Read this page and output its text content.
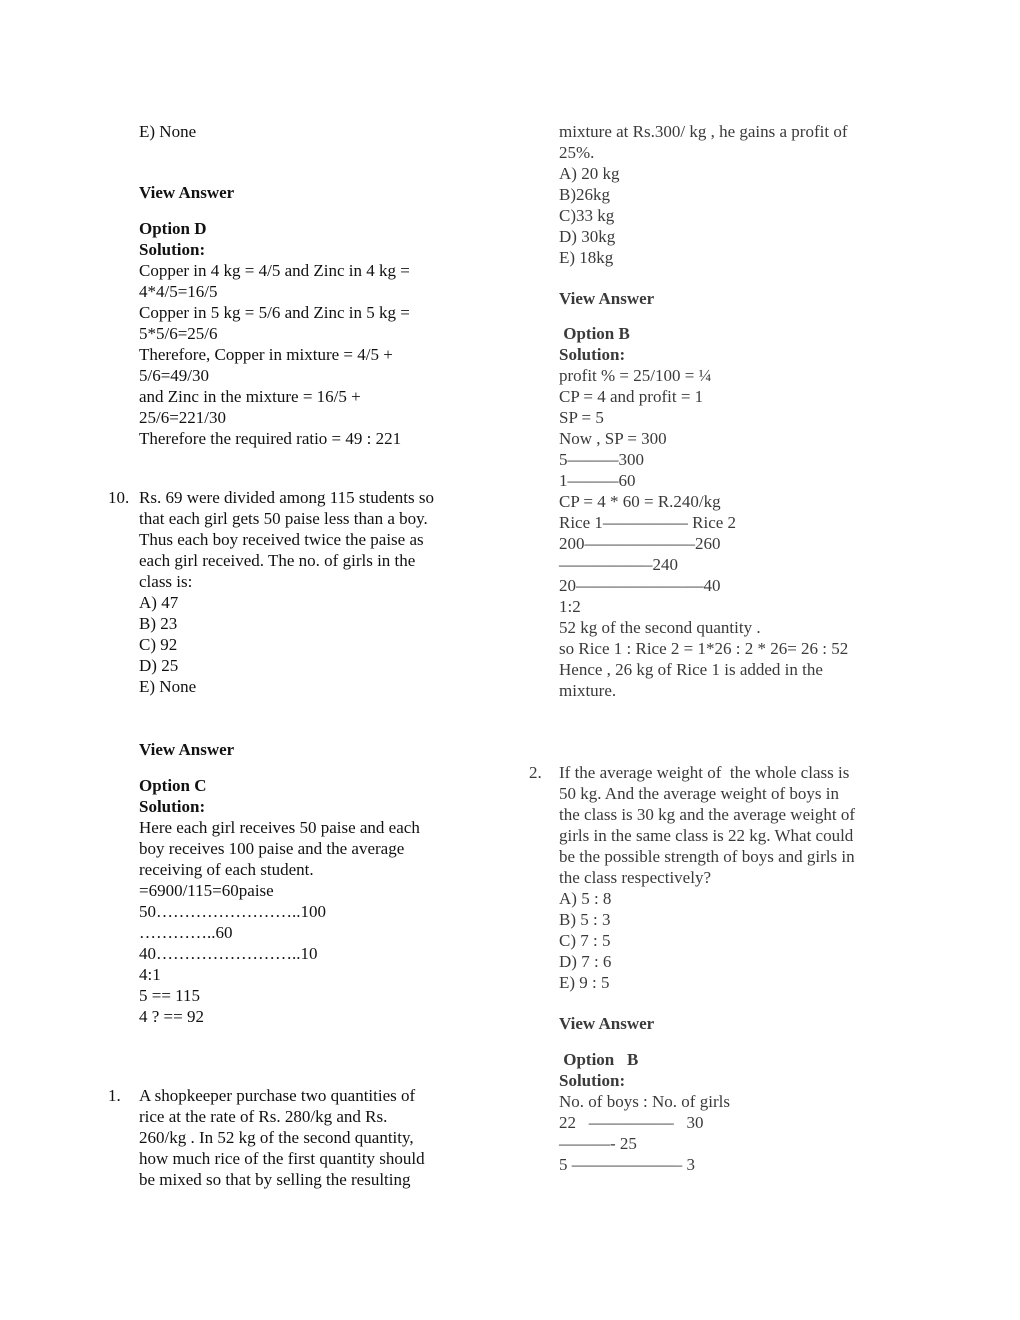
E) None
View Answer
Option D
Solution:
Copper in 4 kg = 4/5 and Zinc in 4 kg =
4*4/5=16/5
Copper in 5 kg = 5/6 and Zinc in 5 kg =
5*5/6=25/6
Therefore, Copper in mixture = 4/5 +
5/6=49/30
and Zinc in the mixture = 16/5 +
25/6=221/30
Therefore the required ratio = 49 : 221
Rs. 69 were divided among 115 students so
that each girl gets 50 paise less than a boy.
Thus each boy received twice the paise as
each girl received. The no. of girls in the
class is:
A) 47
B) 23
C) 92
D) 25
E) None
10.
View Answer
Option C
Solution:
Here each girl receives 50 paise and each
boy receives 100 paise and the average
receiving of each student.
=6900/115=60paise
50……………………..100
…………..60
40……………………..10
4:1
5 == 115
4 ? == 92
A shopkeeper purchase two quantities of
rice at the rate of Rs. 280/kg and Rs.
260/kg . In 52 kg of the second quantity,
how much rice of the first quantity should
be mixed so that by selling the resulting
1.
mixture at Rs.300/ kg , he gains a profit of
25%.
A) 20 kg
B)26kg
C)33 kg
D) 30kg
E) 18kg
View Answer
Option B
Solution:
profit % = 25/100 = ¼
CP = 4 and profit = 1
SP = 5
Now , SP = 300
5———300
1———60
CP = 4 * 60 = R.240/kg
Rice 1————— Rice 2
200——————–260
—————–240
20——————–—40
1:2
52 kg of the second quantity .
so Rice 1 : Rice 2 = 1*26 : 2 * 26= 26 : 52
Hence , 26 kg of Rice 1 is added in the
mixture.
If the average weight of  the whole class is
50 kg. And the average weight of boys in
the class is 30 kg and the average weight of
girls in the same class is 22 kg. What could
be the possible strength of boys and girls in
the class respectively?
A) 5 : 8
B) 5 : 3
C) 7 : 5
D) 7 : 6
E) 9 : 5
2.
View Answer
Option   B
Solution:
No. of boys : No. of girls
22   —————   30
———- 25
5 ——————– 3
